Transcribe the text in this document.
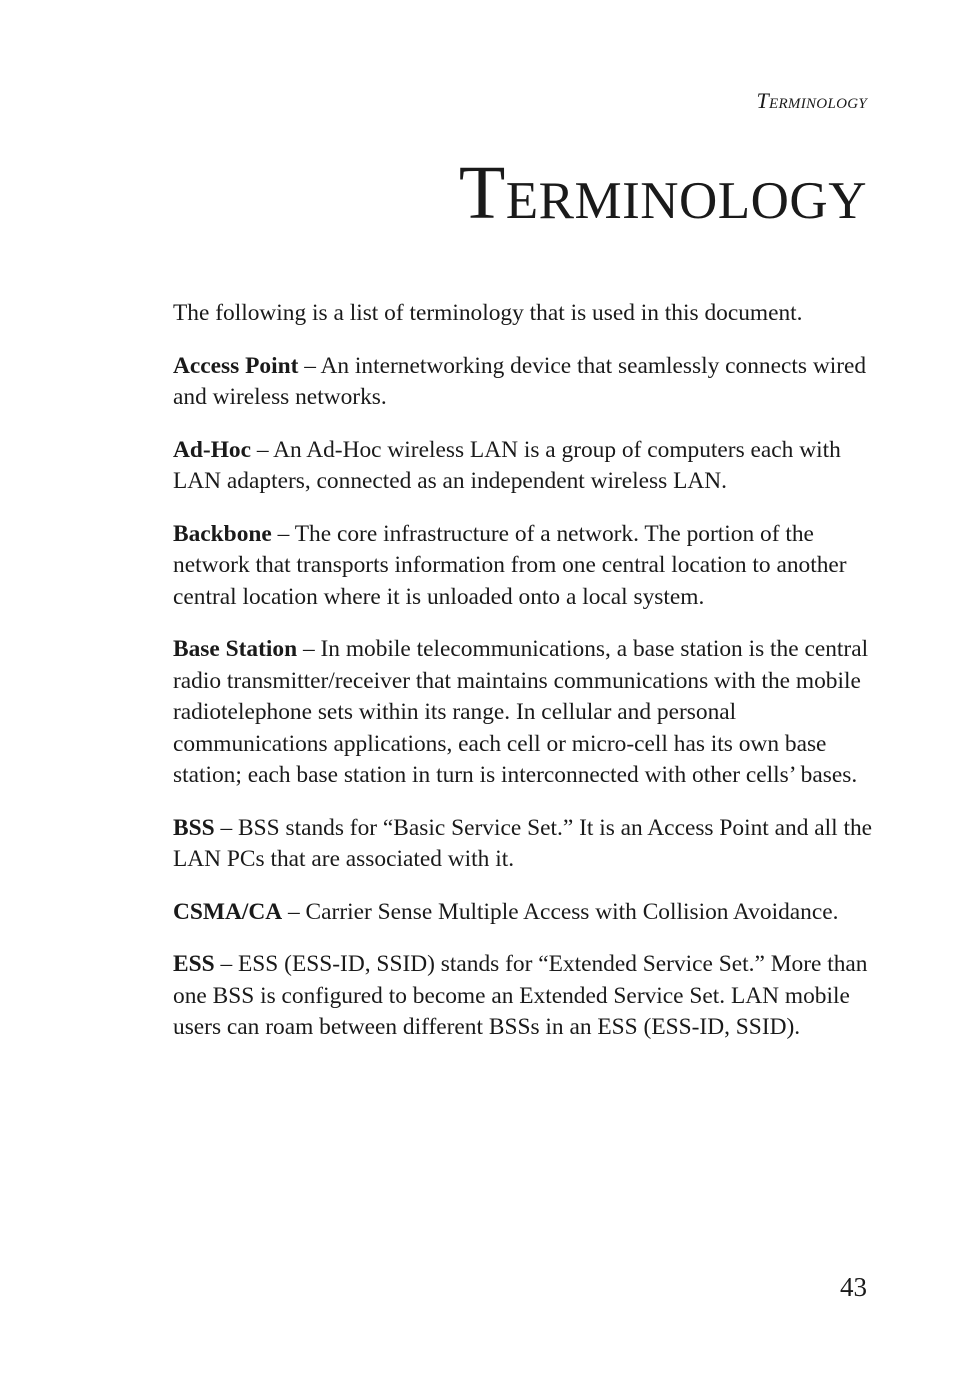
Terminology
Terminology

The following is a list of terminology that is used in this document.

Access Point – An internetworking device that seamlessly connects wired and wireless networks.

Ad-Hoc – An Ad-Hoc wireless LAN is a group of computers each with LAN adapters, connected as an independent wireless LAN.

Backbone – The core infrastructure of a network. The portion of the network that transports information from one central location to another central location where it is unloaded onto a local system.

Base Station – In mobile telecommunications, a base station is the central radio transmitter/receiver that maintains communications with the mobile radiotelephone sets within its range. In cellular and personal communications applications, each cell or micro-cell has its own base station; each base station in turn is interconnected with other cells’ bases.

BSS – BSS stands for “Basic Service Set.” It is an Access Point and all the LAN PCs that are associated with it.

CSMA/CA – Carrier Sense Multiple Access with Collision Avoidance.

ESS – ESS (ESS-ID, SSID) stands for “Extended Service Set.” More than one BSS is configured to become an Extended Service Set. LAN mobile users can roam between different BSSs in an ESS (ESS-ID, SSID).

43
